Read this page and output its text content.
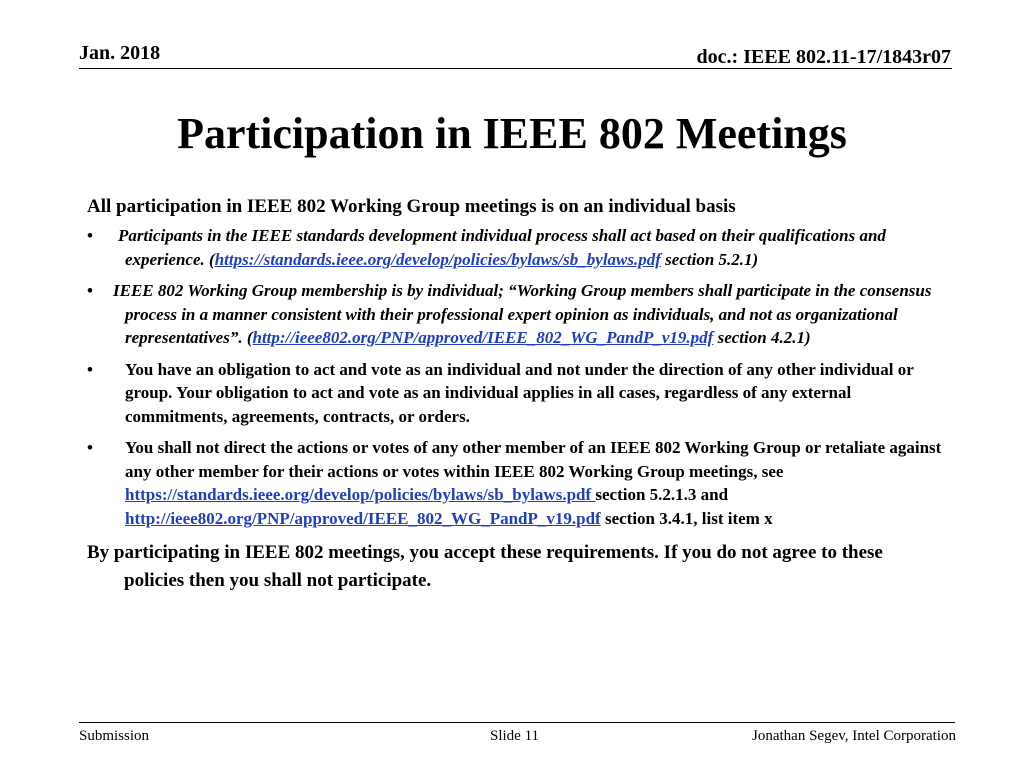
Jan. 2018	doc.: IEEE 802.11-17/1843r07
Participation in IEEE 802 Meetings
All participation in IEEE 802 Working Group meetings is on an individual basis
• Participants in the IEEE standards development individual process shall act based on their qualifications and experience. (https://standards.ieee.org/develop/policies/bylaws/sb_bylaws.pdf section 5.2.1)
• IEEE 802 Working Group membership is by individual; “Working Group members shall participate in the consensus process in a manner consistent with their professional expert opinion as individuals, and not as organizational representatives”. (http://ieee802.org/PNP/approved/IEEE_802_WG_PandP_v19.pdf section 4.2.1)
• You have an obligation to act and vote as an individual and not under the direction of any other individual or group. Your obligation to act and vote as an individual applies in all cases, regardless of any external commitments, agreements, contracts, or orders.
• You shall not direct the actions or votes of any other member of an IEEE 802 Working Group or retaliate against any other member for their actions or votes within IEEE 802 Working Group meetings, see https://standards.ieee.org/develop/policies/bylaws/sb_bylaws.pdf section 5.2.1.3 and http://ieee802.org/PNP/approved/IEEE_802_WG_PandP_v19.pdf section 3.4.1, list item x
By participating in IEEE 802 meetings, you accept these requirements. If you do not agree to these policies then you shall not participate.
Submission	Slide 11	Jonathan Segev, Intel Corporation
